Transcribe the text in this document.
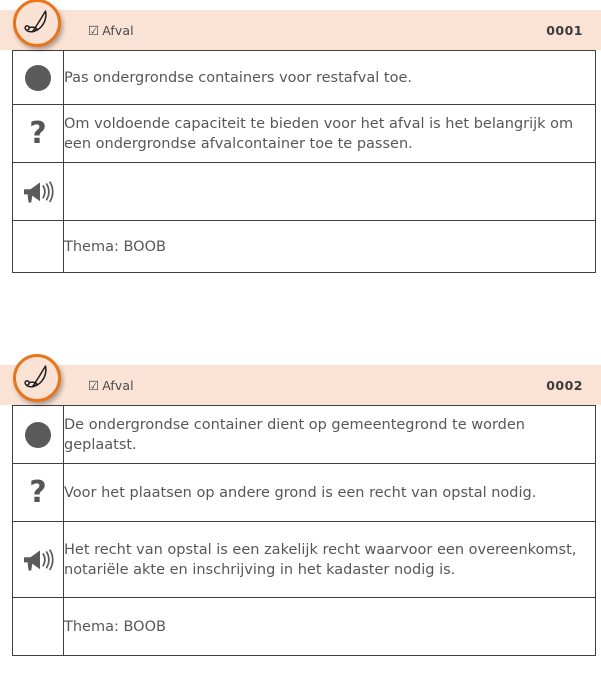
☑ Afval	0001
	Pas ondergrondse containers voor restafval toe.

?	Om voldoende capaciteit te bieden voor het afval is het belangrijk om een ondergrondse afvalcontainer toe te passen.

	Thema: BOOB
☑ Afval	0002
	De ondergrondse container dient op gemeentegrond te worden geplaatst.

?	Voor het plaatsen op andere grond is een recht van opstal nodig.

	Het recht van opstal is een zakelijk recht waarvoor een overeenkomst, notariële akte en inschrijving in het kadaster nodig is.

	Thema: BOOB
